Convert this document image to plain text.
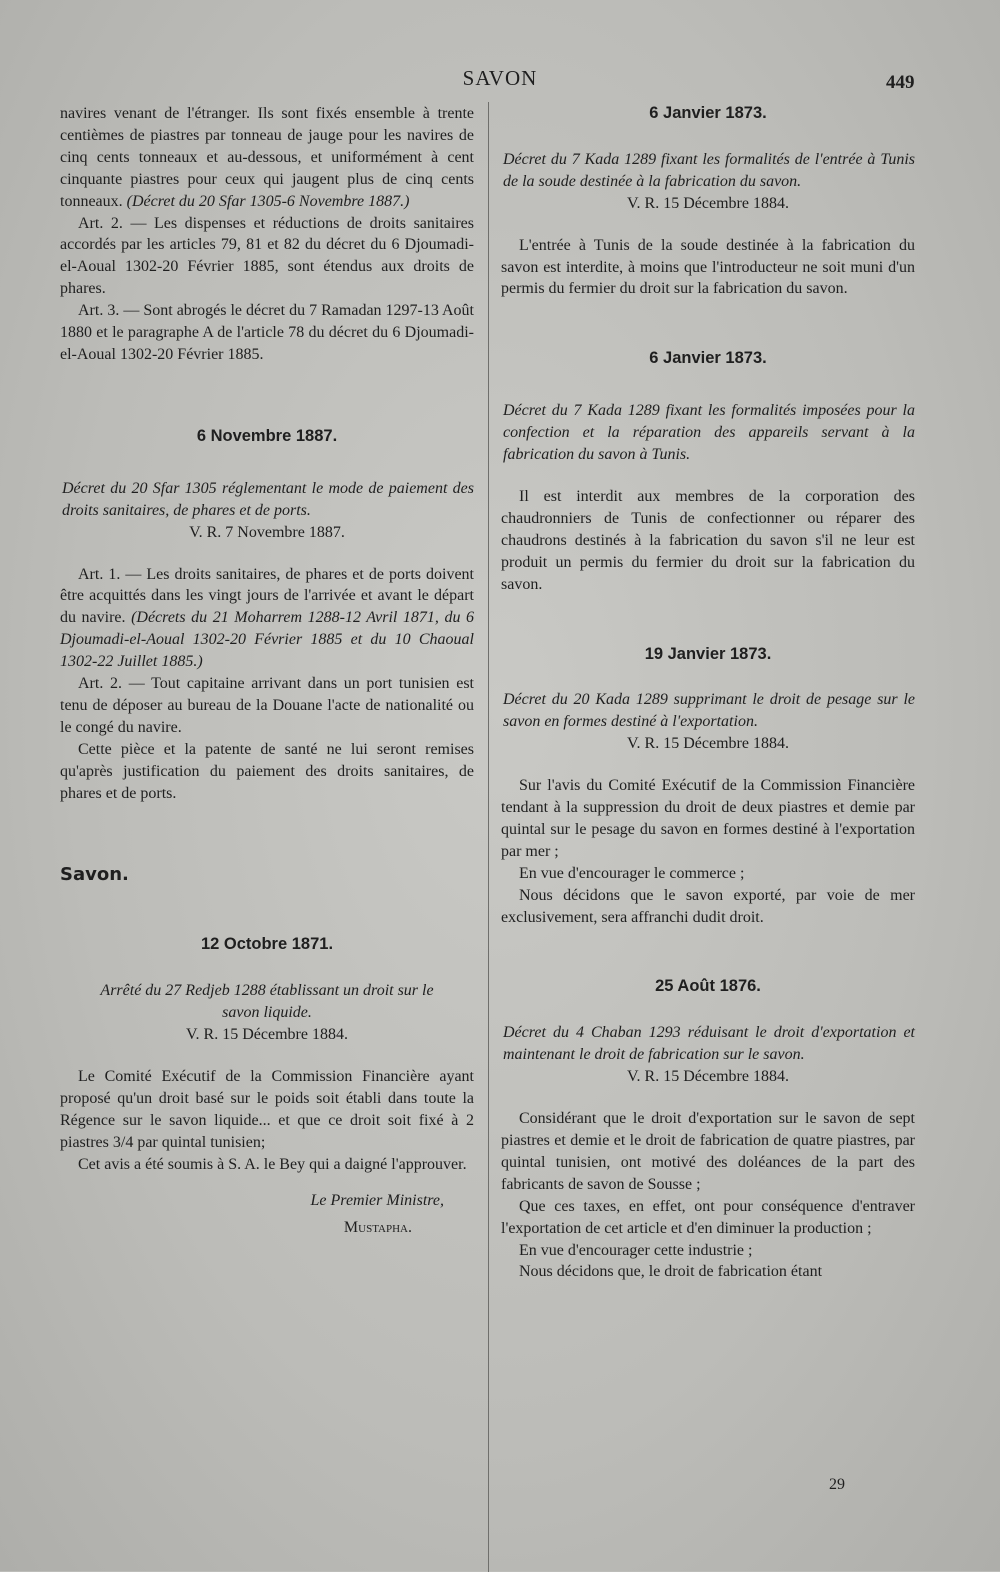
SAVON	449

navires venant de l'étranger. Ils sont fixés ensemble à trente centièmes de piastres par tonneau de jauge pour les navires de cinq cents tonneaux et au-dessous, et uniformément à cent cinquante piastres pour ceux qui jaugent plus de cinq cents tonneaux. (Décret du 20 Sfar 1305-6 Novembre 1887.)

Art. 2. — Les dispenses et réductions de droits sanitaires accordés par les articles 79, 81 et 82 du décret du 6 Djoumadi-el-Aoual 1302-20 Février 1885, sont étendus aux droits de phares.

Art. 3. — Sont abrogés le décret du 7 Ramadan 1297-13 Août 1880 et le paragraphe A de l'article 78 du décret du 6 Djoumadi-el-Aoual 1302-20 Février 1885.

6 Novembre 1887.

Décret du 20 Sfar 1305 réglementant le mode de paiement des droits sanitaires, de phares et de ports.

V. R. 7 Novembre 1887.

Art. 1. — Les droits sanitaires, de phares et de ports doivent être acquittés dans les vingt jours de l'arrivée et avant le départ du navire. (Décrets du 21 Moharrem 1288-12 Avril 1871, du 6 Djoumadi-el-Aoual 1302-20 Février 1885 et du 10 Chaoual 1302-22 Juillet 1885.)

Art. 2. — Tout capitaine arrivant dans un port tunisien est tenu de déposer au bureau de la Douane l'acte de nationalité ou le congé du navire.

Cette pièce et la patente de santé ne lui seront remises qu'après justification du paiement des droits sanitaires, de phares et de ports.

Savon.

12 Octobre 1871.

Arrêté du 27 Redjeb 1288 établissant un droit sur le savon liquide.

V. R. 15 Décembre 1884.

Le Comité Exécutif de la Commission Financière ayant proposé qu'un droit basé sur le poids soit établi dans toute la Régence sur le savon liquide... et que ce droit soit fixé à 2 piastres 3/4 par quintal tunisien;

Cet avis a été soumis à S. A. le Bey qui a daigné l'approuver.

Le Premier Ministre,

Mustapha.

6 Janvier 1873.

Décret du 7 Kada 1289 fixant les formalités de l'entrée à Tunis de la soude destinée à la fabrication du savon.

V. R. 15 Décembre 1884.

L'entrée à Tunis de la soude destinée à la fabrication du savon est interdite, à moins que l'introducteur ne soit muni d'un permis du fermier du droit sur la fabrication du savon.

6 Janvier 1873.

Décret du 7 Kada 1289 fixant les formalités imposées pour la confection et la réparation des appareils servant à la fabrication du savon à Tunis.

Il est interdit aux membres de la corporation des chaudronniers de Tunis de confectionner ou réparer des chaudrons destinés à la fabrication du savon s'il ne leur est produit un permis du fermier du droit sur la fabrication du savon.

19 Janvier 1873.

Décret du 20 Kada 1289 supprimant le droit de pesage sur le savon en formes destiné à l'exportation.

V. R. 15 Décembre 1884.

Sur l'avis du Comité Exécutif de la Commission Financière tendant à la suppression du droit de deux piastres et demie par quintal sur le pesage du savon en formes destiné à l'exportation par mer ;

En vue d'encourager le commerce ;

Nous décidons que le savon exporté, par voie de mer exclusivement, sera affranchi dudit droit.

25 Août 1876.

Décret du 4 Chaban 1293 réduisant le droit d'exportation et maintenant le droit de fabrication sur le savon.

V. R. 15 Décembre 1884.

Considérant que le droit d'exportation sur le savon de sept piastres et demie et le droit de fabrication de quatre piastres, par quintal tunisien, ont motivé des doléances de la part des fabricants de savon de Sousse ;

Que ces taxes, en effet, ont pour conséquence d'entraver l'exportation de cet article et d'en diminuer la production ;

En vue d'encourager cette industrie ;

Nous décidons que, le droit de fabrication étant

29
